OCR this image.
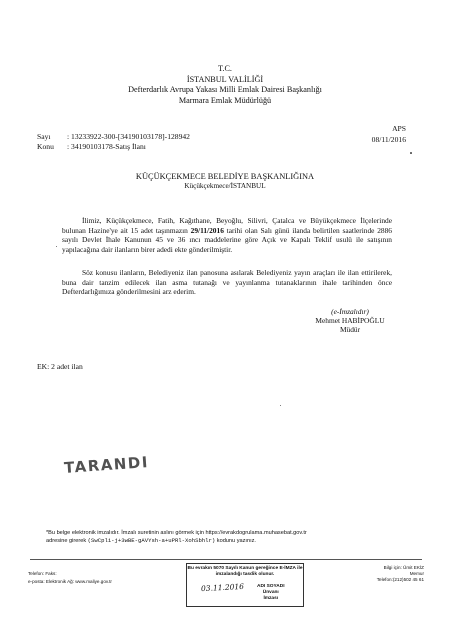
T.C.
İSTANBUL VALİLİĞİ
Defterdarlık Avrupa Yakası Milli Emlak Dairesi Başkanlığı
Marmara Emlak Müdürlüğü
Sayı : 13233922-300-[34190103178]-128942
Konu : 34190103178-Satış İlanı
APS
08/11/2016
KÜÇÜKÇEKMECE BELEDİYE BAŞKANLIĞINA
Küçükçekmece/İSTANBUL
İlimiz, Küçükçekmece, Fatih, Kağıthane, Beyoğlu, Silivri, Çatalca ve Büyükçekmece İlçelerinde bulunan Hazine'ye ait 15 adet taşınmazın 29/11/2016 tarihi olan Salı günü ilanda belirtilen saatlerinde 2886 sayılı Devlet İhale Kanunun 45 ve 36 ıncı maddelerine göre Açık ve Kapalı Teklif usulü ile satışının yapılacağına dair ilanların birer adedi ekte gönderilmiştir.
Söz konusu ilanların, Belediyeniz ilan panosuna asılarak Belediyeniz yayın araçları ile ilan ettirilerek, buna dair tanzim edilecek ilan asma tutanağı ve yayınlanma tutanaklarının ihale tarihinden önce Defterdarlığımıza gönderilmesini arz ederim.
(e-İmzalıdır)
Mehmet HABİPOĞLU
Müdür
EK: 2 adet ilan
TARANDI
*Bu belge elektronik imzalıdır. İmzalı suretinin aslını görmek için https://evrakdogrulama.muhasebat.gov.tr
adresine girerek (SwCpli-j+3wBE-gAVYsh-a+uPRl-XohSbhlr) kodunu yazınız.
Telefon: Faks:
e-posta: Elektronik Ağ: www.maliye.gov.tr
Bu evrakın 5070 Sayılı Kanun gereğince E-İMZA ile imzalandığı tasdik olunur.
03.11.2016	ADI SOYADI
Ünvanı
İmzası
Bilgi için: Ümit EKİZ
Memur
Telefon:(212)502 45 61
